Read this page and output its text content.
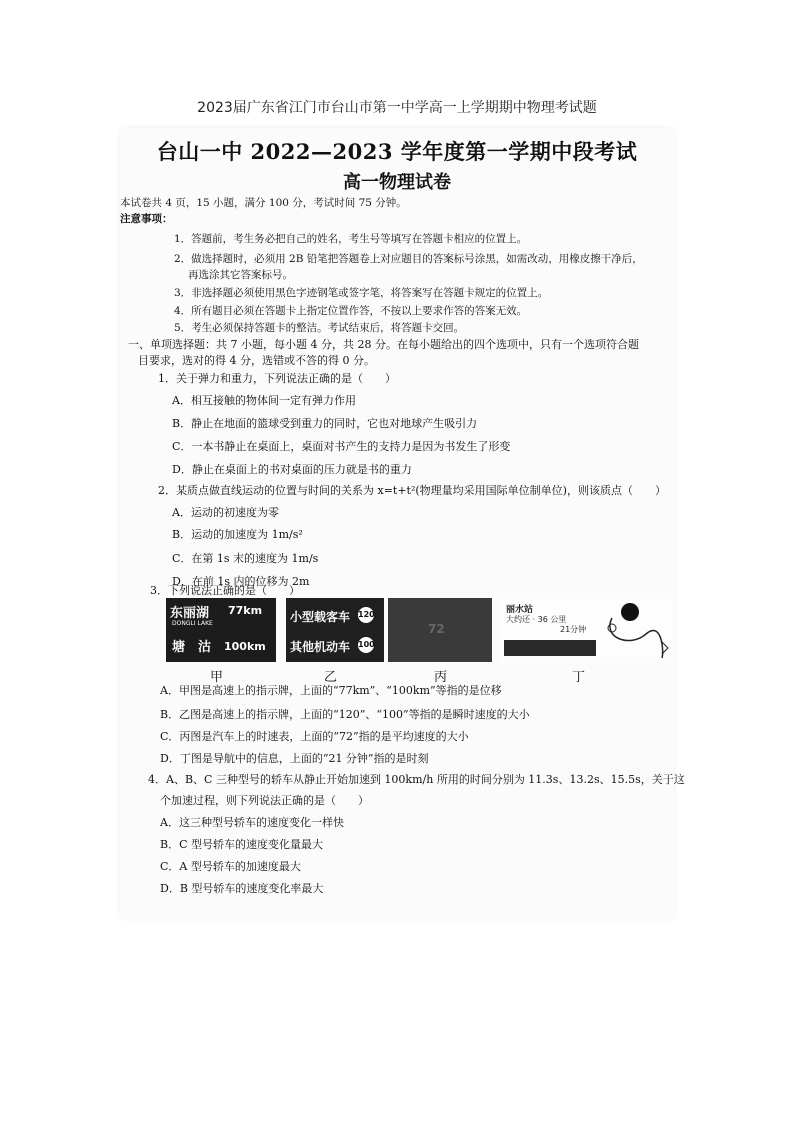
2023届广东省江门市台山市第一中学高一上学期期中物理考试题
台山一中 2022—2023 学年度第一学期中段考试
高一物理试卷
本试卷共 4 页，15 小题，满分 100 分，考试时间 75 分钟。
注意事项：
1．答题前，考生务必把自己的姓名，考生号等填写在答题卡相应的位置上。
2．做选择题时，必须用 2B 铅笔把答题卷上对应题目的答案标号涂黑，如需改动，用橡皮擦干净后，
再选涂其它答案标号。
3．非选择题必须使用黑色字迹钢笔或签字笔，将答案写在答题卡规定的位置上。
4．所有题目必须在答题卡上指定位置作答，不按以上要求作答的答案无效。
5．考生必须保持答题卡的整洁。考试结束后，将答题卡交回。
一、单项选择题：共 7 小题，每小题 4 分，共 28 分。在每小题给出的四个选项中，只有一个选项符合题
目要求，选对的得 4 分，选错或不答的得 0 分。
1．关于弹力和重力，下列说法正确的是（　　）
A．相互接触的物体间一定有弹力作用
B．静止在地面的篮球受到重力的同时，它也对地球产生吸引力
C．一本书静止在桌面上，桌面对书产生的支持力是因为书发生了形变
D．静止在桌面上的书对桌面的压力就是书的重力
2．某质点做直线运动的位置与时间的关系为 x=t+t²(物理量均采用国际单位制单位)，则该质点（　　）
A．运动的初速度为零
B．运动的加速度为 1m/s²
C．在第 1s 末的速度为 1m/s
D．在前 1s 内的位移为 2m
3．下列说法正确的是（　　）
东丽湖 77km
DONGLI LAKE
塘　沽 100km
小型载客车 120
其他机动车 100
72
丽水站
大约还 · 36 公里
21分钟
甲	乙	丙	丁
A．甲图是高速上的指示牌，上面的“77km”、“100km”等指的是位移
B．乙图是高速上的指示牌，上面的“120”、“100”等指的是瞬时速度的大小
C．丙图是汽车上的时速表，上面的“72”指的是平均速度的大小
D．丁图是导航中的信息，上面的“21 分钟”指的是时刻
4．A、B、C 三种型号的轿车从静止开始加速到 100km/h 所用的时间分别为 11.3s、13.2s、15.5s，关于这
个加速过程，则下列说法正确的是（　　）
A．这三种型号轿车的速度变化一样快
B．C 型号轿车的速度变化量最大
C．A 型号轿车的加速度最大
D．B 型号轿车的速度变化率最大
